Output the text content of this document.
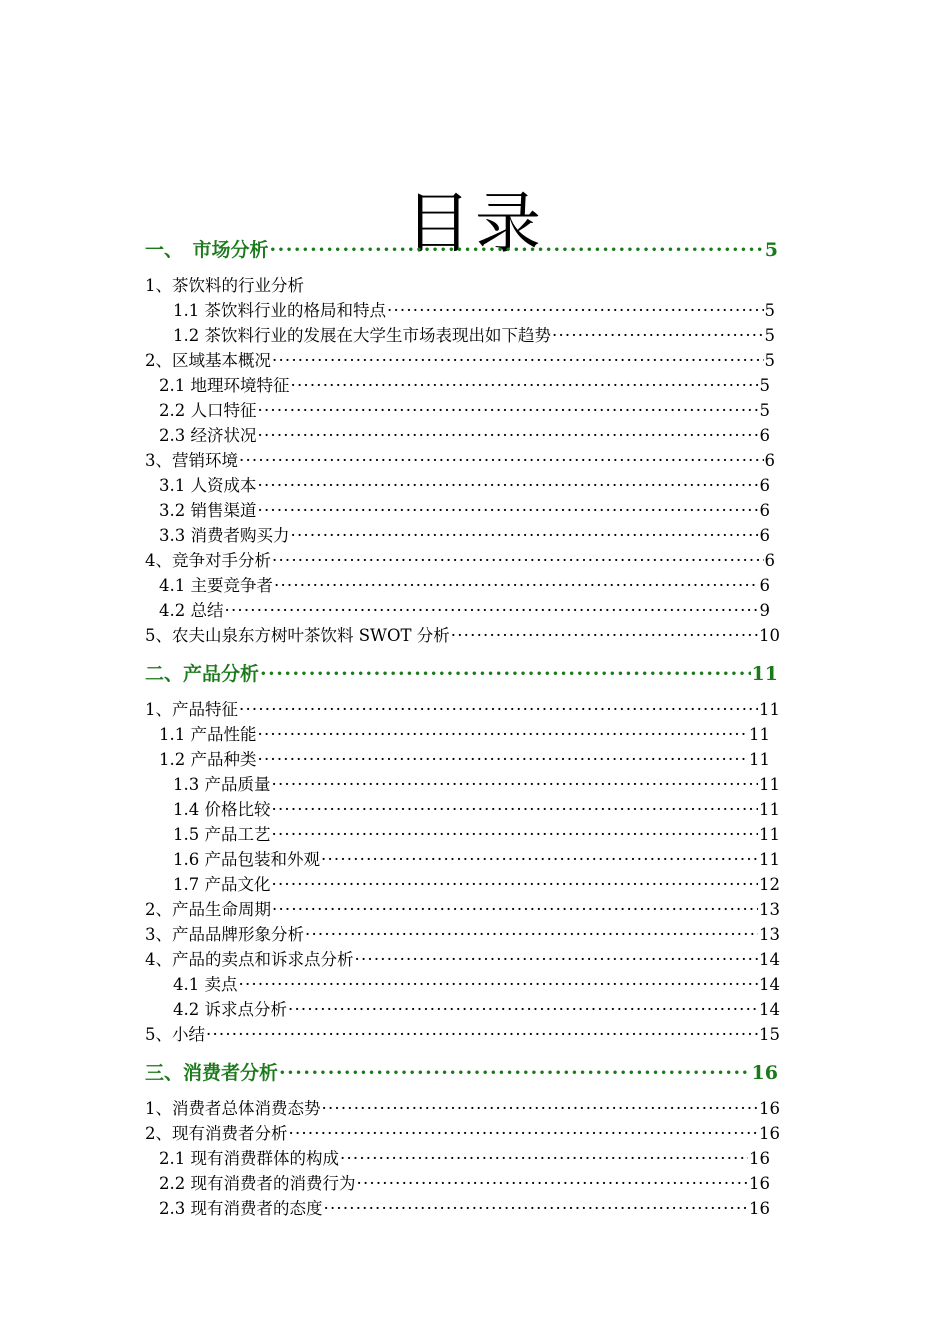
目录
一、　市场分析 ·····	5
1、茶饮料的行业分析
1.1 茶饮料行业的格局和特点 ·····	5
1.2 茶饮料行业的发展在大学生市场表现出如下趋势 ·····	5
2、区域基本概况 ·····	5
2.1 地理环境特征 ·····	5
2.2 人口特征 ·····	5
2.3 经济状况 ·····	6
3、营销环境 ·····	6
3.1 人资成本 ·····	6
3.2 销售渠道 ·····	6
3.3 消费者购买力 ·····	6
4、竞争对手分析 ·····	6
4.1 主要竞争者 ·····	6
4.2 总结 ·····	9
5、农夫山泉东方树叶茶饮料 SWOT 分析 ·····	10
二、产品分析 ·····	11
1、产品特征 ·····	11
1.1 产品性能 ·····	11
1.2 产品种类 ·····	11
1.3 产品质量 ·····	11
1.4 价格比较 ·····	11
1.5 产品工艺 ·····	11
1.6 产品包装和外观 ·····	11
1.7 产品文化 ·····	12
2、产品生命周期 ·····	13
3、产品品牌形象分析 ·····	13
4、产品的卖点和诉求点分析 ·····	14
4.1 卖点 ·····	14
4.2 诉求点分析 ·····	14
5、小结 ·····	15
三、消费者分析 ·····	16
1、消费者总体消费态势 ·····	16
2、现有消费者分析 ·····	16
2.1 现有消费群体的构成 ·····	16
2.2 现有消费者的消费行为 ·····	16
2.3 现有消费者的态度 ·····	16
